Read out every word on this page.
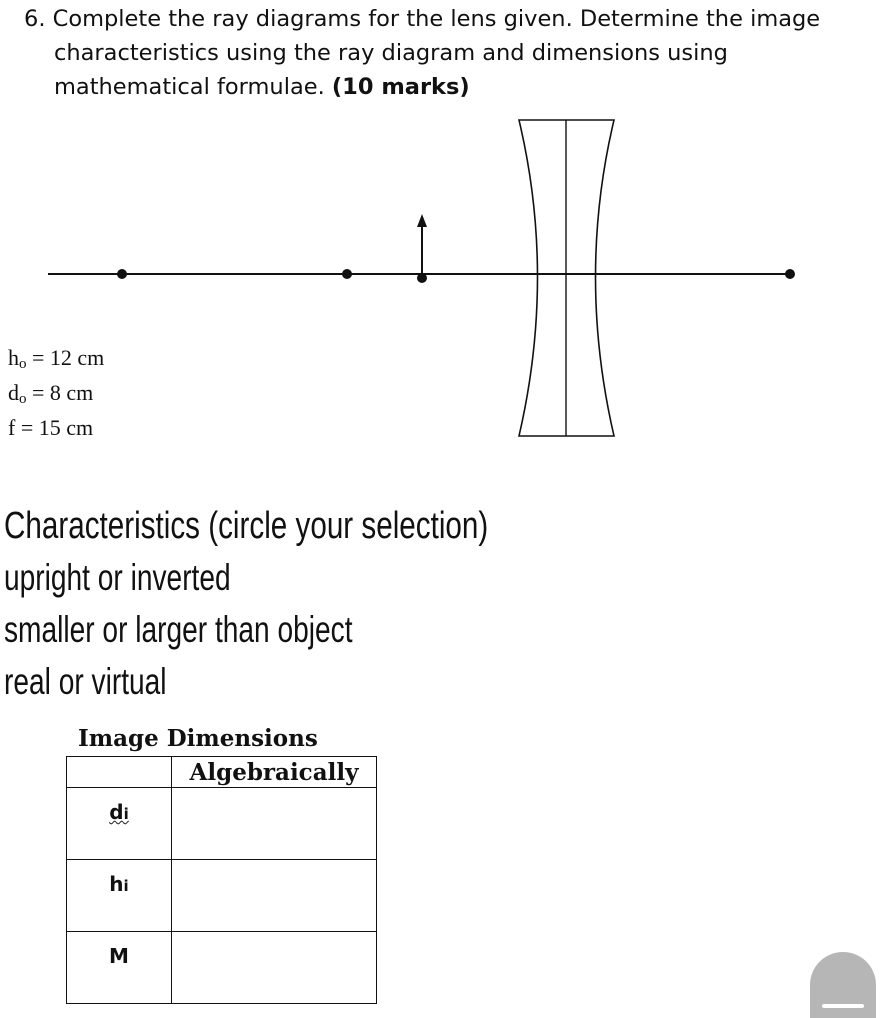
6. Complete the ray diagrams for the lens given. Determine the image
characteristics using the ray diagram and dimensions using
mathematical formulae. (10 marks)
ho = 12 cm
do = 8 cm
f = 15 cm
Characteristics (circle your selection)
upright or inverted
smaller or larger than object
real or virtual
Image Dimensions
	Algebraically
di	
hi	
M	
